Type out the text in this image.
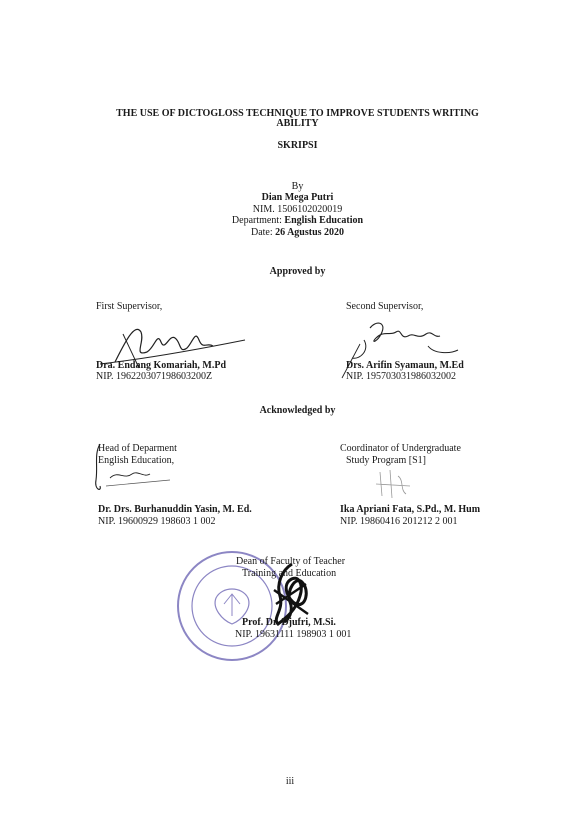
THE USE OF DICTOGLOSS TECHNIQUE TO IMPROVE STUDENTS WRITING
ABILITY
SKRIPSI
By
Dian Mega Putri
NIM. 1506102020019
Department: English Education
Date: 26 Agustus 2020
Approved by
First Supervisor,
Dra. Endang Komariah, M.Pd
NIP. 196220307198603200Z
Second Supervisor,
Drs. Arifin Syamaun, M.Ed
NIP. 195703031986032002
Acknowledged by
Head of Deparment
English Education,
Dr. Drs. Burhanuddin Yasin, M. Ed.
NIP. 19600929 198603 1 002
Coordinator of Undergraduate
Study Program [S1]
Ika Apriani Fata, S.Pd., M. Hum
NIP. 19860416 201212 2 001
Dean of Faculty of Teacher
Training and Education
Prof. Dr. Djufri, M.Si.
NIP. 19631111 198903 1 001
iii
